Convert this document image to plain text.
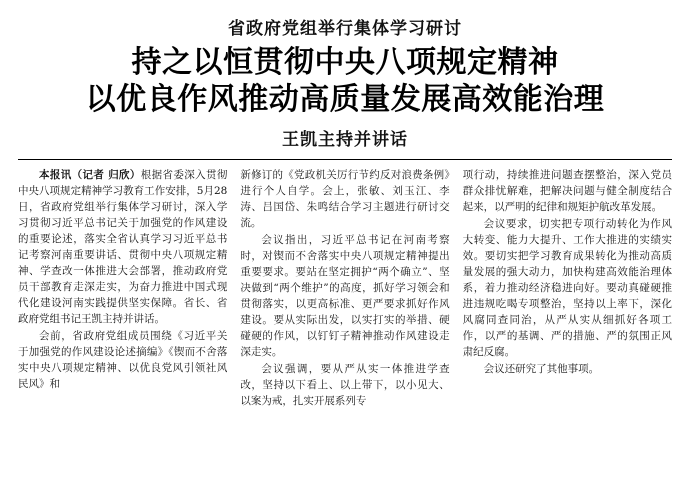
省政府党组举行集体学习研讨
持之以恒贯彻中央八项规定精神
以优良作风推动高质量发展高效能治理
王凯主持并讲话

本报讯（记者 归欣）根据省委深入贯彻中央八项规定精神学习教育工作安排，5月28日，省政府党组举行集体学习研讨，深入学习贯彻习近平总书记关于加强党的作风建设的重要论述，落实全省认真学习习近平总书记考察河南重要讲话、贯彻中央八项规定精神、学查改一体推进大会部署，推动政府党员干部教育走深走实，为奋力推进中国式现代化建设河南实践提供坚实保障。省长、省政府党组书记王凯主持并讲话。

会前，省政府党组成员围绕《习近平关于加强党的作风建设论述摘编》《锲而不舍落实中央八项规定精神、以优良党风引领社风民风》和

新修订的《党政机关厉行节约反对浪费条例》进行个人自学。会上，张敏、刘玉江、李涛、吕国岱、朱鸣结合学习主题进行研讨交流。

会议指出，习近平总书记在河南考察时，对锲而不舍落实中央八项规定精神提出重要要求。要站在坚定拥护“两个确立”、坚决做到“两个维护”的高度，抓好学习领会和贯彻落实，以更高标准、更严要求抓好作风建设。要从实际出发，以实打实的举措、硬碰硬的作风，以钉钉子精神推动作风建设走深走实。

会议强调，要从严从实一体推进学查改，坚持以下看上、以上带下，以小见大、以案为戒，扎实开展系列专

项行动，持续推进问题查摆整治，深入党员群众排忧解难，把解决问题与健全制度结合起来，以严明的纪律和规矩护航改革发展。

会议要求，切实把专项行动转化为作风大转变、能力大提升、工作大推进的实绩实效。要切实把学习教育成果转化为推动高质量发展的强大动力，加快构建高效能治理体系，着力推动经济稳进向好。要动真碰硬推进违规吃喝专项整治，坚持以上率下，深化风腐同查同治，从严从实从细抓好各项工作，以严的基调、严的措施、严的氛围正风肃纪反腐。

会议还研究了其他事项。
